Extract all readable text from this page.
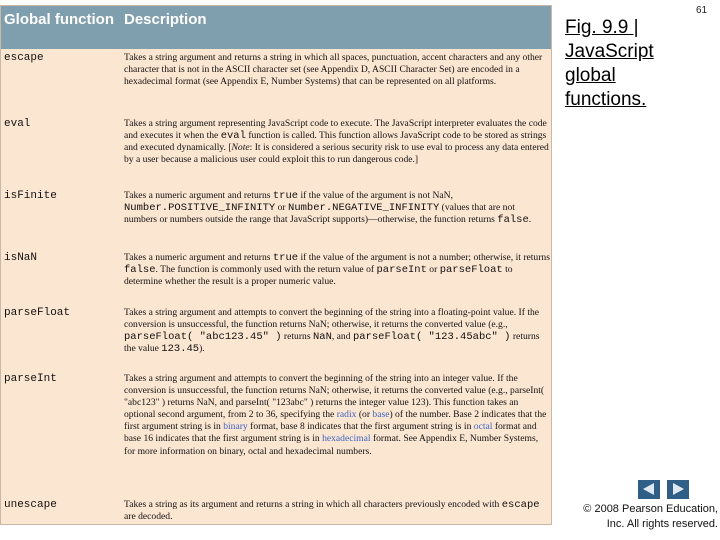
Global function Description
escape	Takes a string argument and returns a string in which all spaces, punctuation, accent characters and any other character that is not in the ASCII character set (see Appendix D, ASCII Character Set) are encoded in a hexadecimal format (see Appendix E, Number Systems) that can be represented on all platforms.
eval	Takes a string argument representing JavaScript code to execute. The JavaScript interpreter evaluates the code and executes it when the eval function is called. This function allows JavaScript code to be stored as strings and executed dynamically. [Note: It is considered a serious security risk to use eval to process any data entered by a user because a malicious user could exploit this to run dangerous code.]
isFinite	Takes a numeric argument and returns true if the value of the argument is not NaN, Number.POSITIVE_INFINITY or Number.NEGATIVE_INFINITY (values that are not numbers or numbers outside the range that JavaScript supports)—otherwise, the function returns false.
isNaN	Takes a numeric argument and returns true if the value of the argument is not a number; otherwise, it returns false. The function is commonly used with the return value of parseInt or parseFloat to determine whether the result is a proper numeric value.
parseFloat	Takes a string argument and attempts to convert the beginning of the string into a floating-point value. If the conversion is unsuccessful, the function returns NaN; otherwise, it returns the converted value (e.g., parseFloat( "abc123.45" ) returns NaN, and parseFloat( "123.45abc" ) returns the value 123.45).
parseInt	Takes a string argument and attempts to convert the beginning of the string into an integer value. If the conversion is unsuccessful, the function returns NaN; otherwise, it returns the converted value (e.g., parseInt( "abc123" ) returns NaN, and parseInt( "123abc" ) returns the integer value 123). This function takes an optional second argument, from 2 to 36, specifying the radix (or base) of the number. Base 2 indicates that the first argument string is in binary format, base 8 indicates that the first argument string is in octal format and base 16 indicates that the first argument string is in hexadecimal format. See Appendix E, Number Systems, for more information on binary, octal and hexadecimal numbers.
unescape	Takes a string as its argument and returns a string in which all characters previously encoded with escape are decoded.
Fig. 9.9 | JavaScript global functions.
61
© 2008 Pearson Education, Inc. All rights reserved.
